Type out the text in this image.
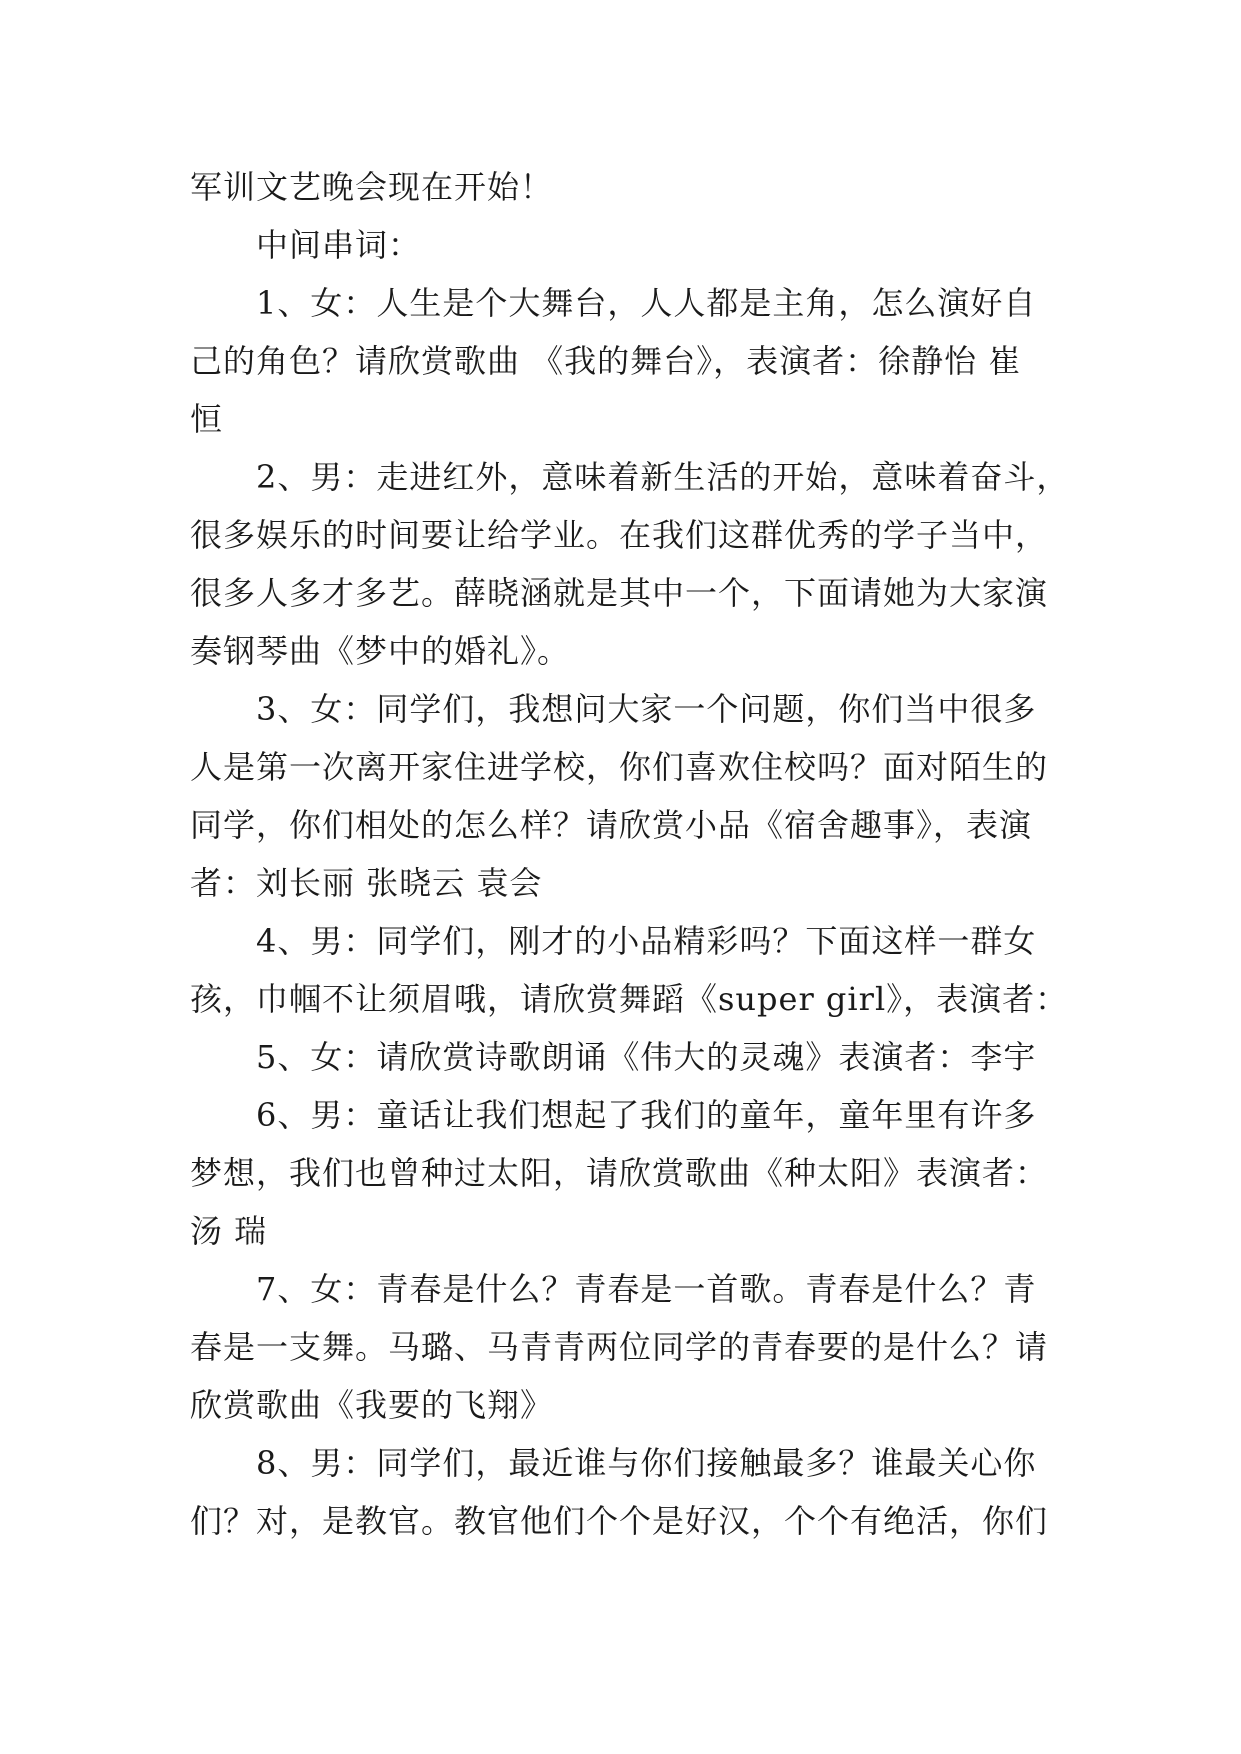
军训文艺晚会现在开始！
　　中间串词：
　　1、女：人生是个大舞台，人人都是主角，怎么演好自
己的角色？请欣赏歌曲 《我的舞台》，表演者：徐静怡 崔
恒
　　2、男：走进红外，意味着新生活的开始，意味着奋斗，
很多娱乐的时间要让给学业。在我们这群优秀的学子当中，
很多人多才多艺。薛晓涵就是其中一个，下面请她为大家演
奏钢琴曲《梦中的婚礼》。
　　3、女：同学们，我想问大家一个问题，你们当中很多
人是第一次离开家住进学校，你们喜欢住校吗？面对陌生的
同学，你们相处的怎么样？请欣赏小品《宿舍趣事》，表演
者：刘长丽 张晓云 袁会
　　4、男：同学们，刚才的小品精彩吗？下面这样一群女
孩，巾帼不让须眉哦，请欣赏舞蹈《super girl》，表演者：
　　5、女：请欣赏诗歌朗诵《伟大的灵魂》表演者：李宇
　　6、男：童话让我们想起了我们的童年，童年里有许多
梦想，我们也曾种过太阳，请欣赏歌曲《种太阳》表演者：
汤 瑞
　　7、女：青春是什么？青春是一首歌。青春是什么？青
春是一支舞。马璐、马青青两位同学的青春要的是什么？请
欣赏歌曲《我要的飞翔》
　　8、男：同学们，最近谁与你们接触最多？谁最关心你
们？对，是教官。教官他们个个是好汉，个个有绝活，你们
